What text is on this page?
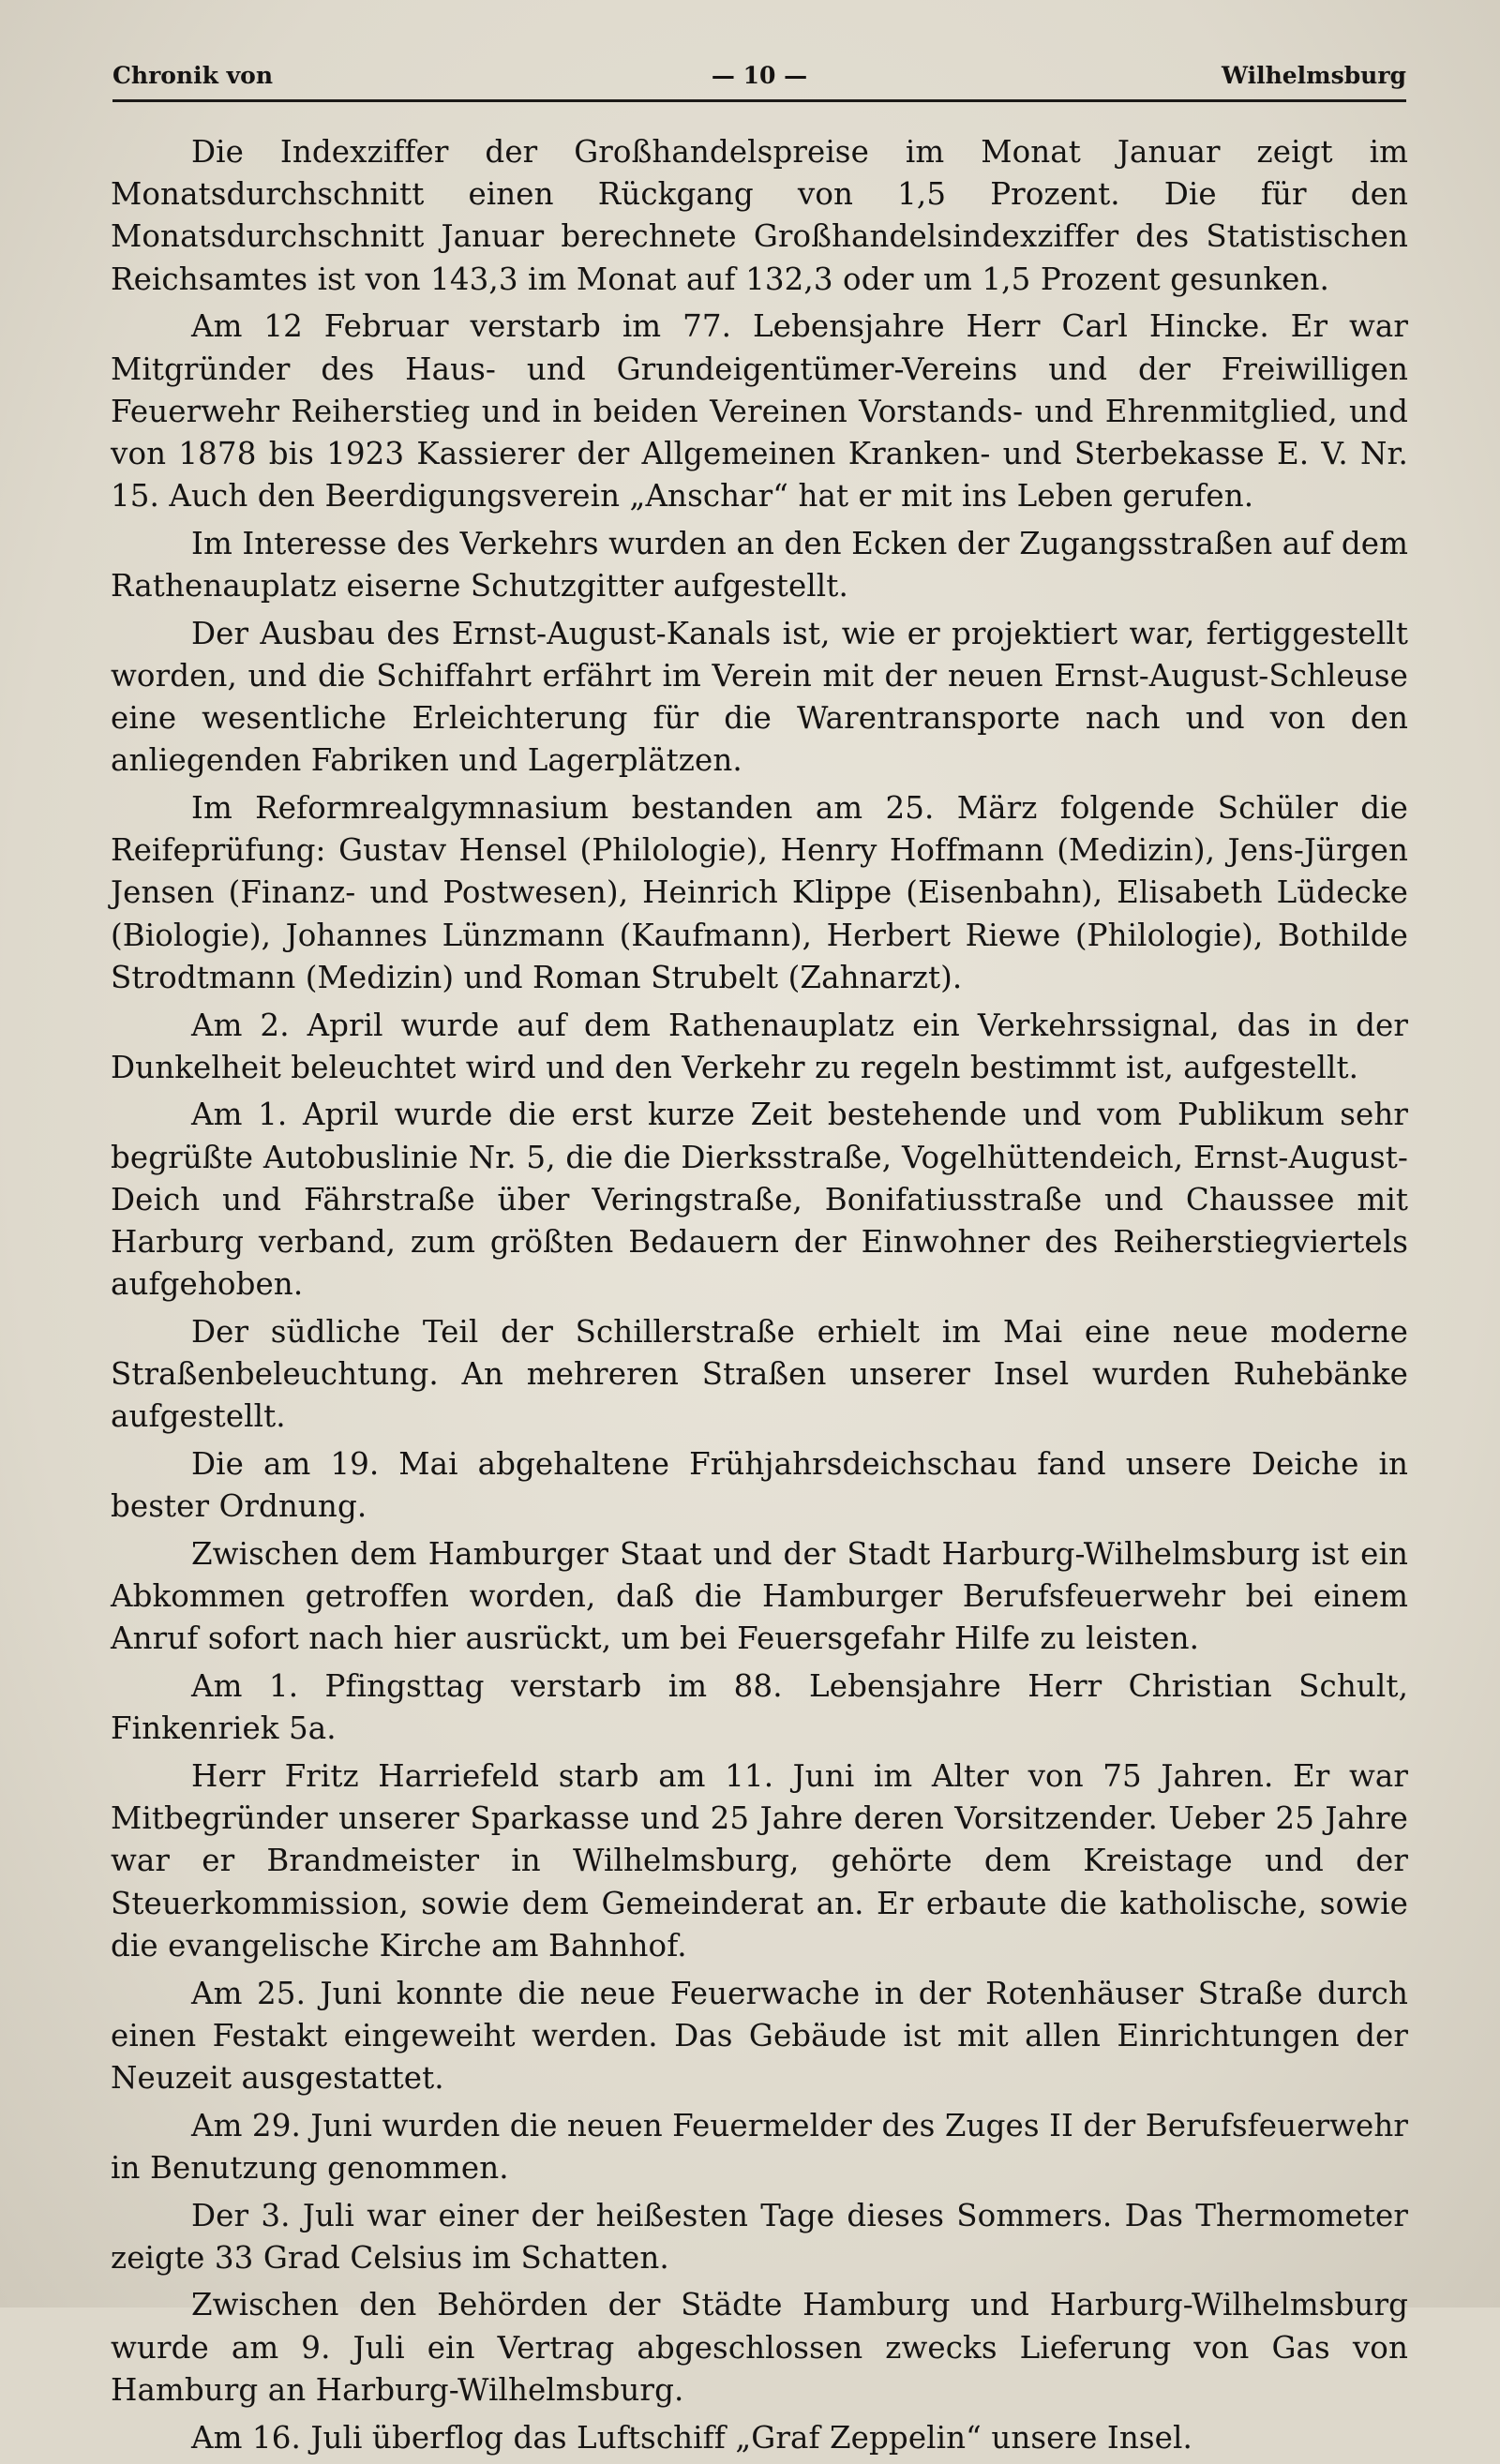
Chronik von	— 10 —	Wilhelmsburg

Die Indexziffer der Großhandelspreise im Monat Januar zeigt im Monatsdurchschnitt einen Rückgang von 1,5 Prozent. Die für den Monatsdurchschnitt Januar berechnete Großhandelsindexziffer des Statistischen Reichsamtes ist von 143,3 im Monat auf 132,3 oder um 1,5 Prozent gesunken.

Am 12 Februar verstarb im 77. Lebensjahre Herr Carl Hincke. Er war Mitgründer des Haus- und Grundeigentümer-Vereins und der Freiwilligen Feuerwehr Reiherstieg und in beiden Vereinen Vorstands- und Ehrenmitglied, und von 1878 bis 1923 Kassierer der Allgemeinen Kranken- und Sterbekasse E. V. Nr. 15. Auch den Beerdigungsverein „Anschar“ hat er mit ins Leben gerufen.

Im Interesse des Verkehrs wurden an den Ecken der Zugangsstraßen auf dem Rathenauplatz eiserne Schutzgitter aufgestellt.

Der Ausbau des Ernst-August-Kanals ist, wie er projektiert war, fertiggestellt worden, und die Schiffahrt erfährt im Verein mit der neuen Ernst-August-Schleuse eine wesentliche Erleichterung für die Warentransporte nach und von den anliegenden Fabriken und Lagerplätzen.

Im Reformrealgymnasium bestanden am 25. März folgende Schüler die Reifeprüfung: Gustav Hensel (Philologie), Henry Hoffmann (Medizin), Jens-Jürgen Jensen (Finanz- und Postwesen), Heinrich Klippe (Eisenbahn), Elisabeth Lüdecke (Biologie), Johannes Lünzmann (Kaufmann), Herbert Riewe (Philologie), Bothilde Strodtmann (Medizin) und Roman Strubelt (Zahnarzt).

Am 2. April wurde auf dem Rathenauplatz ein Verkehrssignal, das in der Dunkelheit beleuchtet wird und den Verkehr zu regeln bestimmt ist, aufgestellt.

Am 1. April wurde die erst kurze Zeit bestehende und vom Publikum sehr begrüßte Autobuslinie Nr. 5, die die Dierksstraße, Vogelhüttendeich, Ernst-August-Deich und Fährstraße über Veringstraße, Bonifatiusstraße und Chaussee mit Harburg verband, zum größten Bedauern der Einwohner des Reiherstiegviertels aufgehoben.

Der südliche Teil der Schillerstraße erhielt im Mai eine neue moderne Straßenbeleuchtung. An mehreren Straßen unserer Insel wurden Ruhebänke aufgestellt.

Die am 19. Mai abgehaltene Frühjahrsdeichschau fand unsere Deiche in bester Ordnung.

Zwischen dem Hamburger Staat und der Stadt Harburg-Wilhelmsburg ist ein Abkommen getroffen worden, daß die Hamburger Berufsfeuerwehr bei einem Anruf sofort nach hier ausrückt, um bei Feuersgefahr Hilfe zu leisten.

Am 1. Pfingsttag verstarb im 88. Lebensjahre Herr Christian Schult, Finkenriek 5a.

Herr Fritz Harriefeld starb am 11. Juni im Alter von 75 Jahren. Er war Mitbegründer unserer Sparkasse und 25 Jahre deren Vorsitzender. Ueber 25 Jahre war er Brandmeister in Wilhelmsburg, gehörte dem Kreistage und der Steuerkommission, sowie dem Gemeinderat an. Er erbaute die katholische, sowie die evangelische Kirche am Bahnhof.

Am 25. Juni konnte die neue Feuerwache in der Rotenhäuser Straße durch einen Festakt eingeweiht werden. Das Gebäude ist mit allen Einrichtungen der Neuzeit ausgestattet.

Am 29. Juni wurden die neuen Feuermelder des Zuges II der Berufsfeuerwehr in Benutzung genommen.

Der 3. Juli war einer der heißesten Tage dieses Sommers. Das Thermometer zeigte 33 Grad Celsius im Schatten.

Zwischen den Behörden der Städte Hamburg und Harburg-Wilhelmsburg wurde am 9. Juli ein Vertrag abgeschlossen zwecks Lieferung von Gas von Hamburg an Harburg-Wilhelmsburg.

Am 16. Juli überflog das Luftschiff „Graf Zeppelin“ unsere Insel.
